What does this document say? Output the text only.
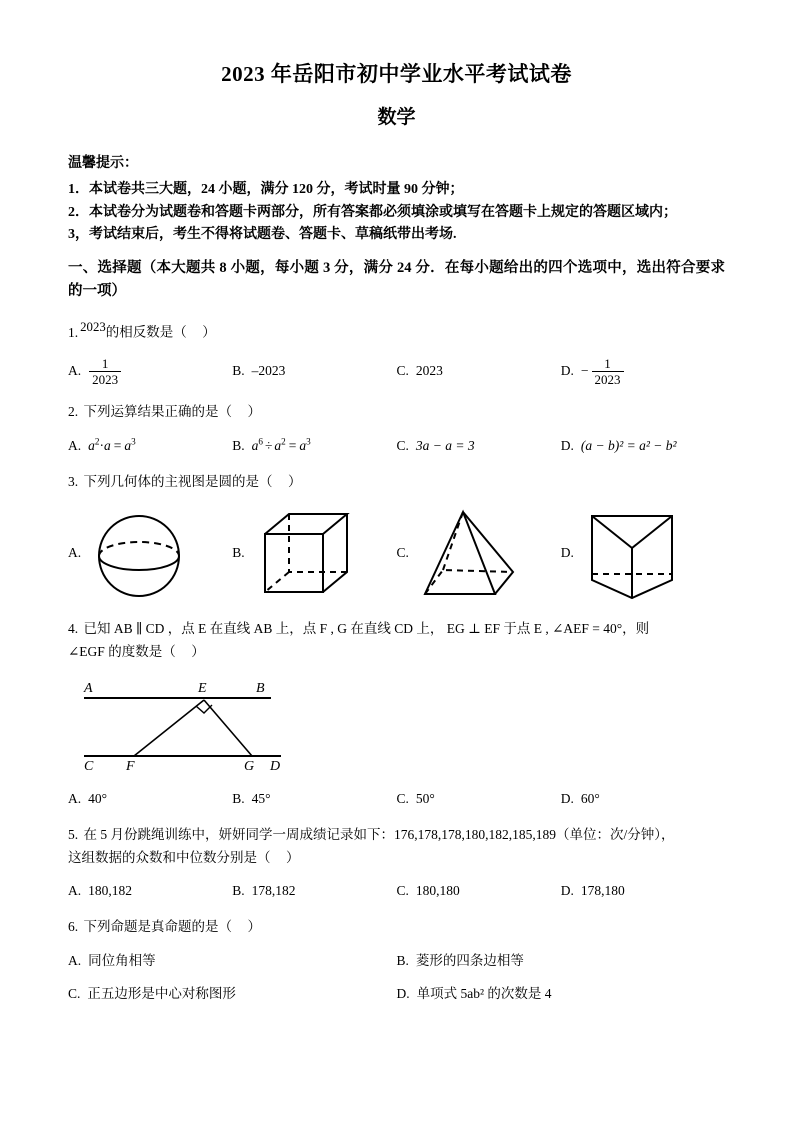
2023 年岳阳市初中学业水平考试试卷
数学
温馨提示：

1．本试卷共三大题，24 小题，满分 120 分，考试时量 90 分钟；

2．本试卷分为试题卷和答题卡两部分，所有答案都必须填涂或填写在答题卡上规定的答题区域内；

3，考试结束后，考生不得将试题卷、答题卡、草稿纸带出考场.

一、选择题（本大题共 8 小题，每小题 3 分，满分 24 分．在每小题给出的四个选项中，选出符合要求的一项）

1. $^{2023}$的相反数是（ ）
A. $\frac{1}{2023}$	B. –2023	C. 2023	D. − $\frac{1}{2023}$
2. 下列运算结果正确的是（ ）
A. $a^2\cdot a = a^3$	B. $a^6 \div a^2 = a^3$	C. 3a − a = 3	D. (a − b)² = a² − b²
3. 下列几何体的主视图是圆的是（ ）
A.	B.	C.	D.
4. 已知 AB ∥ CD ，点 E 在直线 AB 上，点 F , G 在直线 CD 上， EG ⊥ EF 于点 E , ∠AEF = 40°，则
∠EGF 的度数是（ ）
A	B
E
C F	G D
A. 40°	B. 45°	C. 50°	D. 60°
5. 在 5 月份跳绳训练中，妍妍同学一周成绩记录如下：176,178,178,180,182,185,189（单位：次/分钟），
这组数据的众数和中位数分别是（ ）
A. 180,182	B. 178,182	C. 180,180	D. 178,180
6. 下列命题是真命题的是（ ）
A. 同位角相等	B. 菱形的四条边相等
C. 正五边形是中心对称图形	D. 单项式 5ab² 的次数是 4
